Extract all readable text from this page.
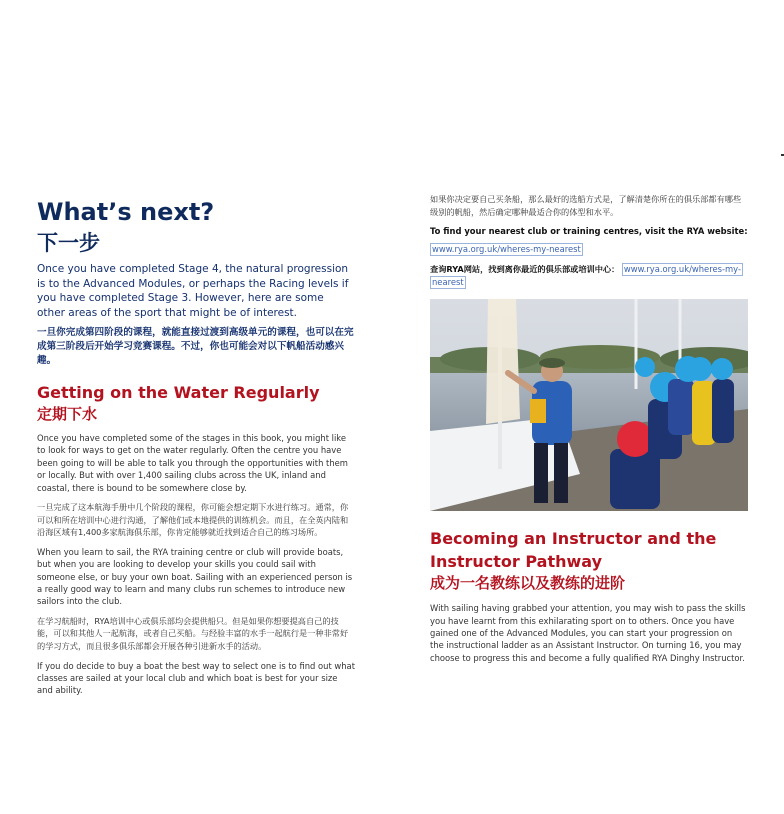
What’s next?
下一步

Once you have completed Stage 4, the natural progression is to the Advanced Modules, or perhaps the Racing levels if you have completed Stage 3. However, here are some other areas of the sport that might be of interest.

一旦你完成第四阶段的课程，就能直接过渡到高级单元的课程，也可以在完成第三阶段后开始学习竞赛课程。不过，你也可能会对以下帆船活动感兴趣。

Getting on the Water Regularly
定期下水

Once you have completed some of the stages in this book, you might like to look for ways to get on the water regularly. Often the centre you have been going to will be able to talk you through the opportunities with them or locally. But with over 1,400 sailing clubs across the UK, inland and coastal, there is bound to be somewhere close by.

一旦完成了这本航海手册中几个阶段的课程，你可能会想定期下水进行练习。通常，你可以和所在培训中心进行沟通，了解他们或本地提供的训练机会。而且，在全英内陆和沿海区域有1,400多家航海俱乐部，你肯定能够就近找到适合自己的练习场所。

When you learn to sail, the RYA training centre or club will provide boats, but when you are looking to develop your skills you could sail with someone else, or buy your own boat. Sailing with an experienced person is a really good way to learn and many clubs run schemes to introduce new sailors into the club.

在学习航船时，RYA培训中心或俱乐部均会提供船只。但是如果你想要提高自己的技能，可以和其他人一起航海，或者自己买船。与经验丰富的水手一起航行是一种非常好的学习方式，而且很多俱乐部都会开展各种引进新水手的活动。

If you do decide to buy a boat the best way to select one is to find out what classes are sailed at your local club and which boat is best for your size and ability.

如果你决定要自己买条船，那么最好的选船方式是，了解清楚你所在的俱乐部都有哪些级别的帆船，然后确定哪种最适合你的体型和水平。

To find your nearest club or training centres, visit the RYA website:

www.rya.org.uk/wheres-my-nearest
查询RYA网站，找到离你最近的俱乐部或培训中心： www.rya.org.uk/wheres-my-
nearest
Becoming an Instructor and the
Instructor Pathway
成为一名教练以及教练的进阶

With sailing having grabbed your attention, you may wish to pass the skills you have learnt from this exhilarating sport on to others. Once you have gained one of the Advanced Modules, you can start your progression on the instructional ladder as an Assistant Instructor. On turning 16, you may choose to progress this and become a fully qualified RYA Dinghy Instructor.
